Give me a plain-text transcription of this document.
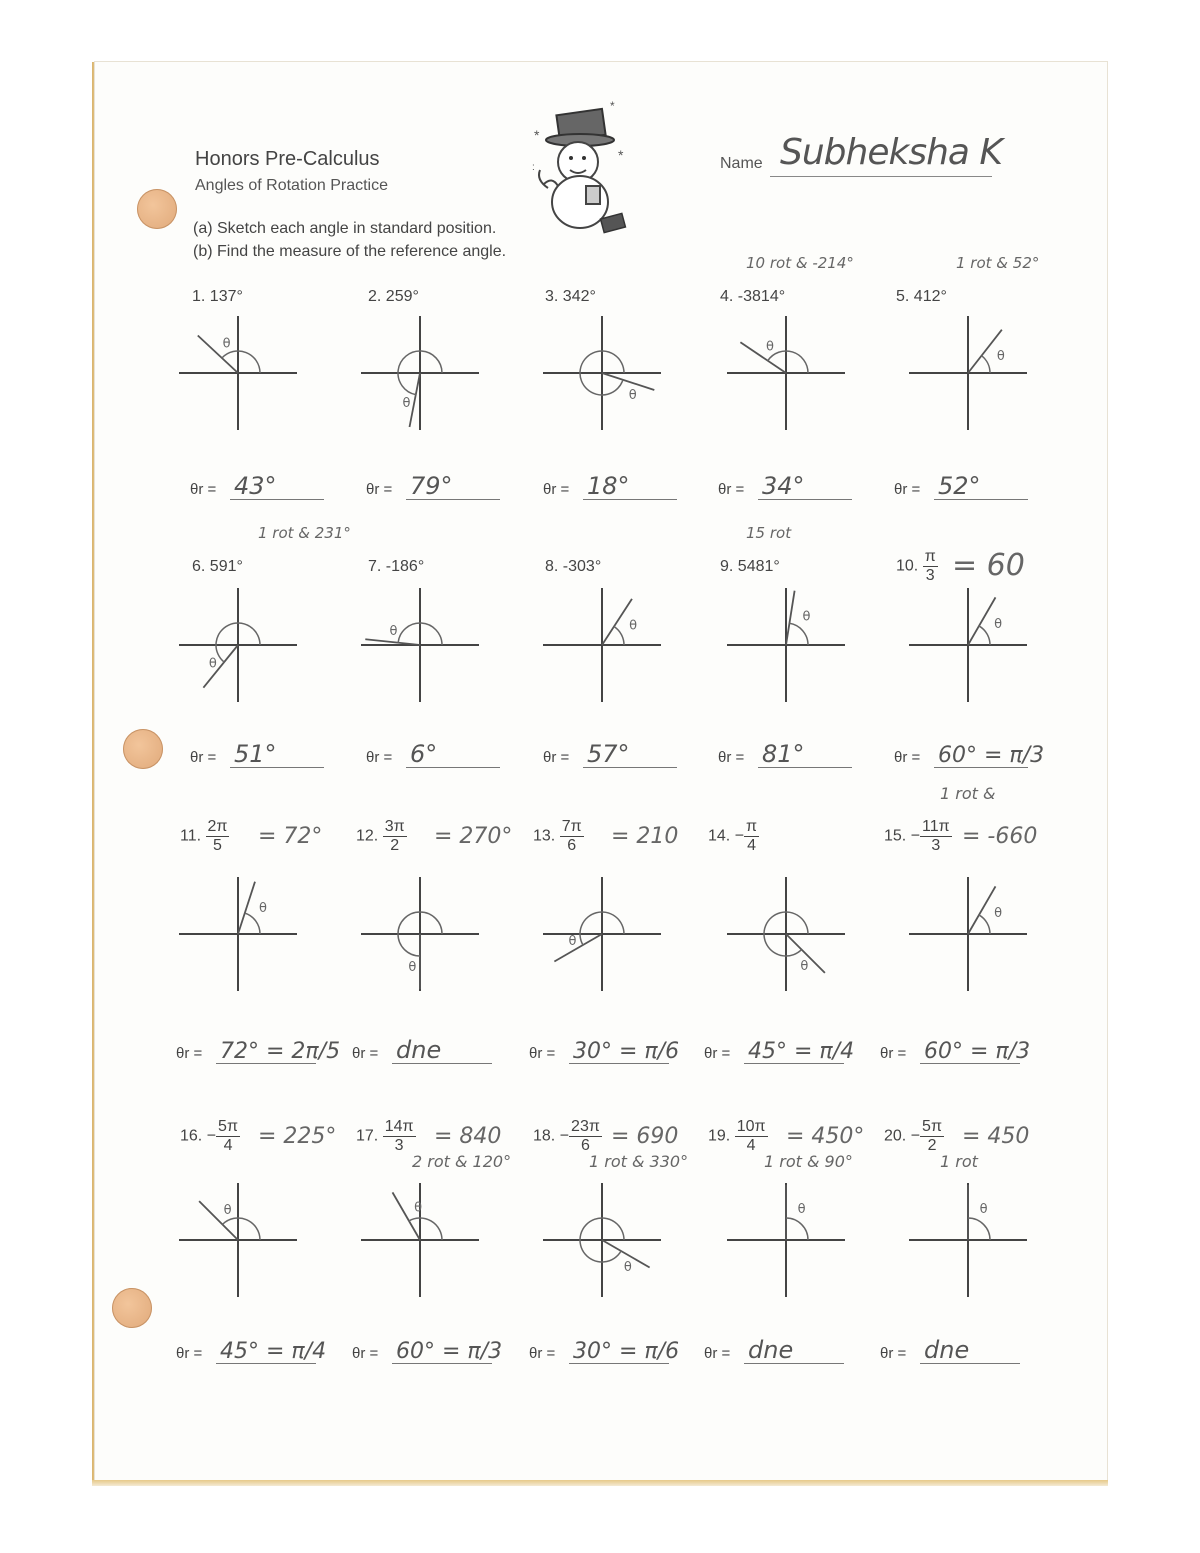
Honors Pre-Calculus
Angles of Rotation Practice
(a) Sketch each angle in standard position.
(b) Find the measure of the reference angle.
*
*
*
:	Name Subheksha K
1. 137°
θ
θr = 43°
2. 259°
θ
θr = 79°
3. 342°
θ
θr = 18°
4. -3814°
10 rot & -214°
θ
θr = 34°
5. 412°
1 rot & 52°
θ
θr = 52°
6. 591°
1 rot & 231°
θ
θr = 51°
7. -186°
θ
θr = 6°
8. -303°
θ
θr = 57°
9. 5481°
15 rot
θ
θr = 81°
10. $\frac{\pi}{3} = 60$
θ
θr = 60° = π/3
11. $\frac{2\pi}{5} = 72^\circ$
θ
θr = 72° = 2π/5
12. $\frac{3\pi}{2} = 270^\circ$
θ
θr = dne
13. $\frac{7\pi}{6} = 210$
θ
θr = 30° = π/6
14. − $\frac{\pi}{4}$
θ
θr = 45° = π/4
15. − $\frac{11\pi}{3} = -660$
1 rot &
θ
θr = 60° = π/3
16. − $\frac{5\pi}{4} = 225^\circ$
θ
θr = 45° = π/4
17. $\frac{14\pi}{3} = 840$
2 rot & 120°
θ
θr = 60° = π/3
18. − $\frac{23\pi}{6} = 690$
1 rot & 330°
θ
θr = 30° = π/6
19. $\frac{10\pi}{4} = 450^\circ$
1 rot & 90°
θ
θr = dne
20. − $\frac{5\pi}{2} = 450$
1 rot
θ
θr = dne
